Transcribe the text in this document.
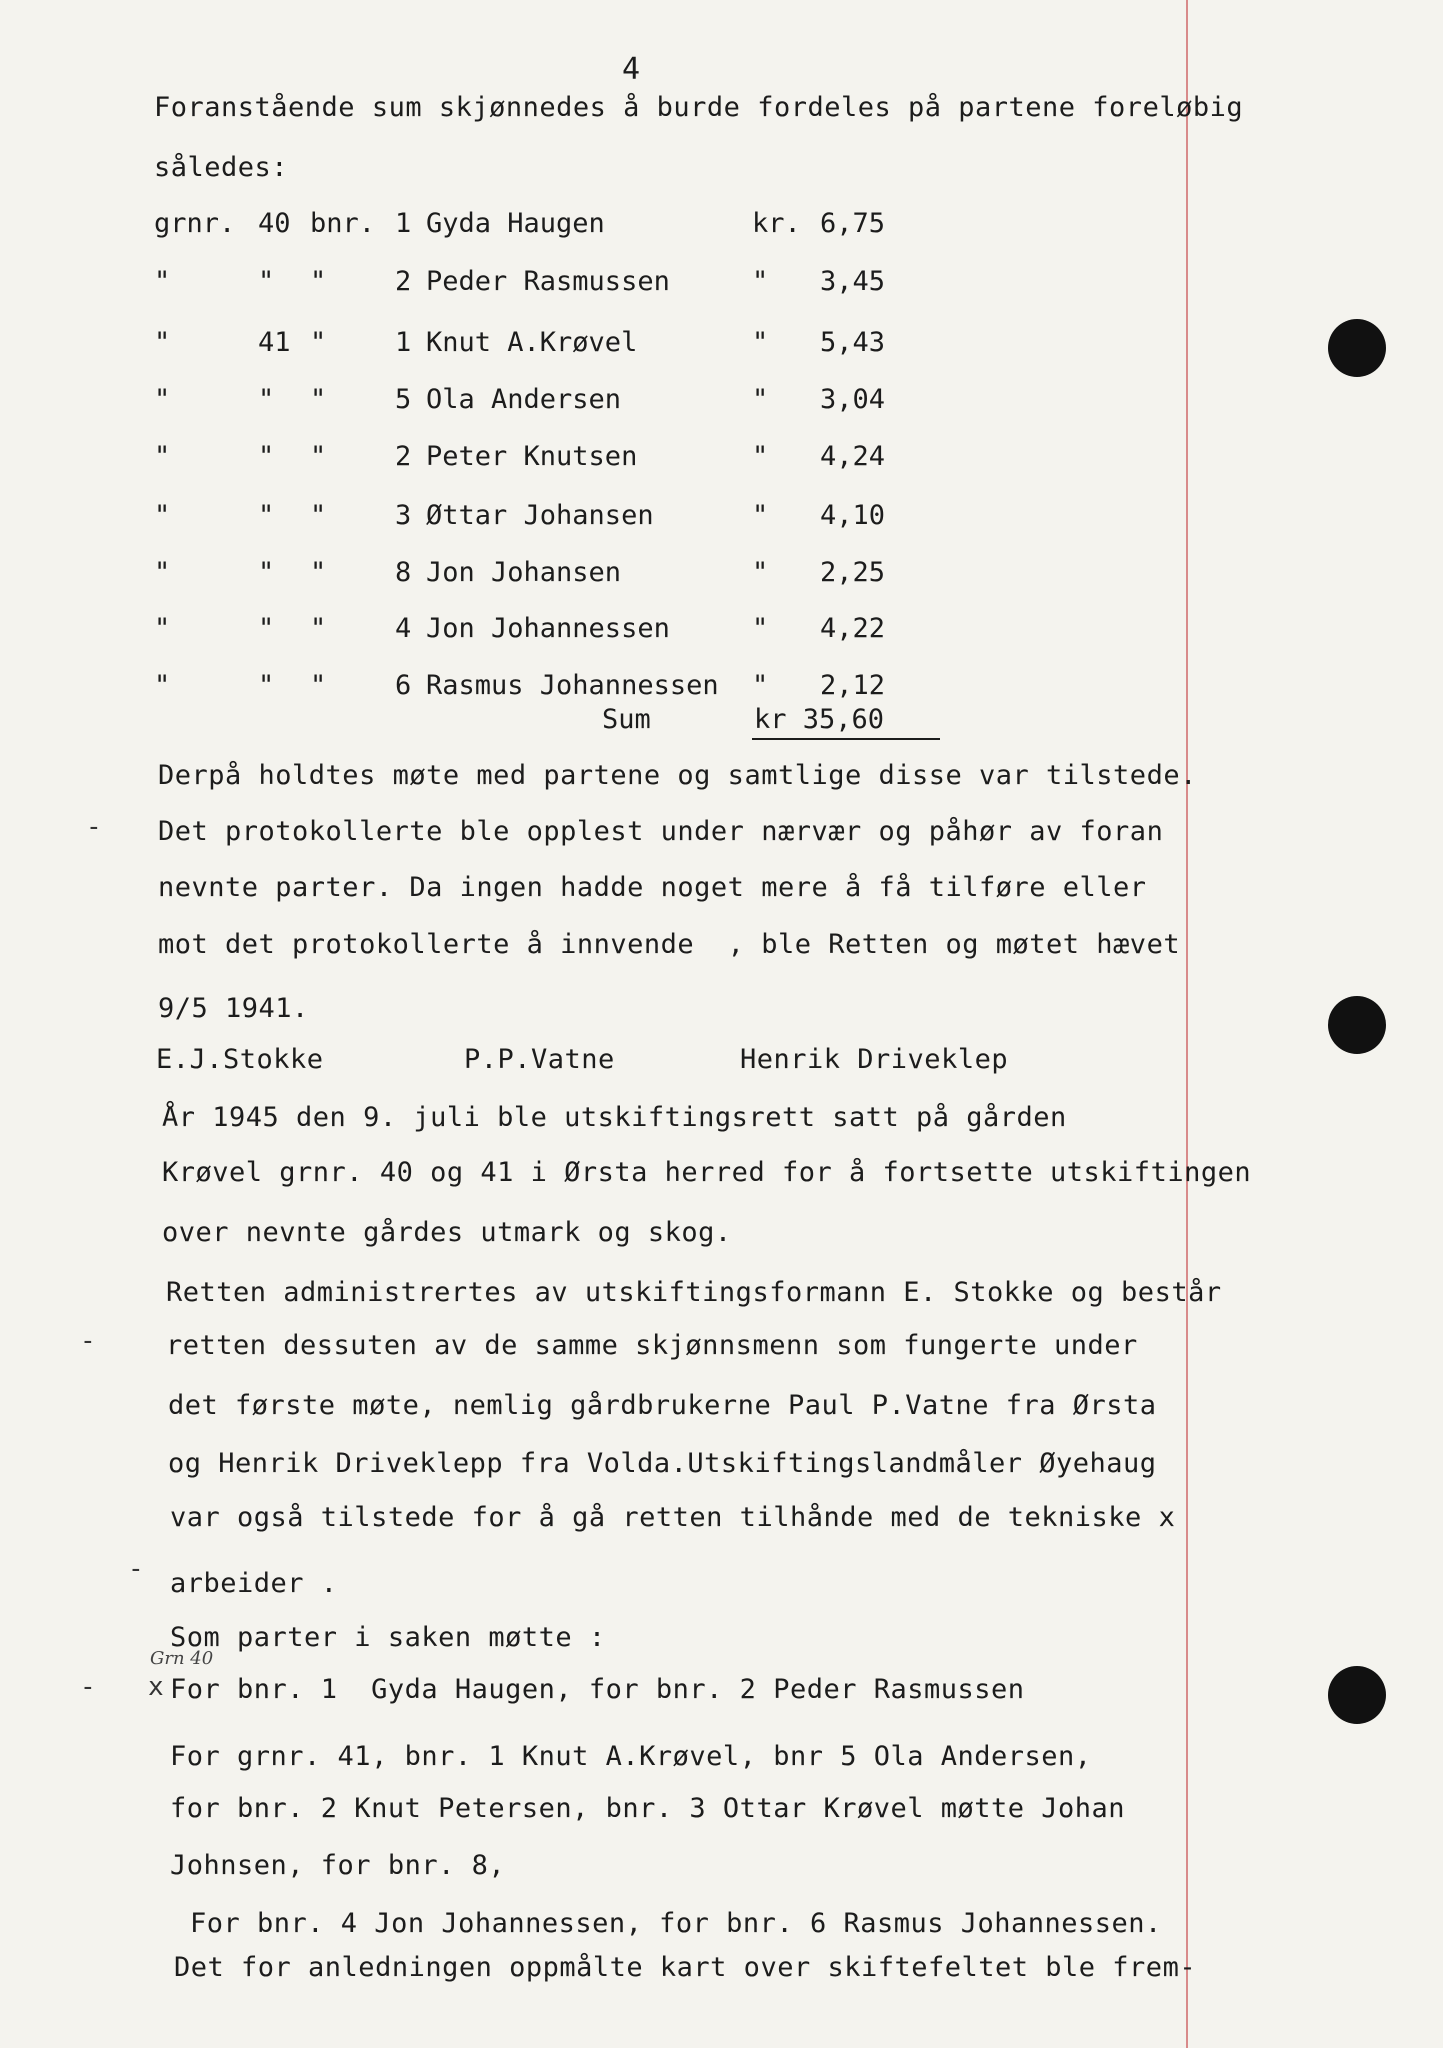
4
Foranstående sum skjønnedes å burde fordeles på partene foreløbig
således:
grnr. 40 bnr. 1 Gyda Haugen	kr. 6,75
"	" "	2 Peder Rasmussen	" 3,45
"	41 "	1 Knut A.Krøvel	" 5,43
"	" "	5 Ola Andersen	" 3,04
"	" "	2 Peter Knutsen	" 4,24
"	" "	3 Øttar Johansen	" 4,10
"	" "	8 Jon Johansen	" 2,25
"	" "	4 Jon Johannessen	" 4,22
"	" "	6 Rasmus Johannessen " 2,12
Sum	kr 35,60
Derpå holdtes møte med partene og samtlige disse var tilstede.
Det protokollerte ble opplest under nærvær og påhør av foran
nevnte parter. Da ingen hadde noget mere å få tilføre eller
mot det protokollerte å innvende  , ble Retten og møtet hævet
9/5 1941.
E.J.Stokke	P.P.Vatne	Henrik Driveklep
År 1945 den 9. juli ble utskiftingsrett satt på gården
Krøvel grnr. 40 og 41 i Ørsta herred for å fortsette utskiftingen
over nevnte gårdes utmark og skog.
Retten administrertes av utskiftingsformann E. Stokke og består
retten dessuten av de samme skjønnsmenn som fungerte under
det første møte, nemlig gårdbrukerne Paul P.Vatne fra Ørsta
og Henrik Driveklepp fra Volda.Utskiftingslandmåler Øyehaug
var også tilstede for å gå retten tilhånde med de tekniske x
arbeider .
Som parter i saken møtte :
For bnr. 1  Gyda Haugen, for bnr. 2 Peder Rasmussen
For grnr. 41, bnr. 1 Knut A.Krøvel, bnr 5 Ola Andersen,
for bnr. 2 Knut Petersen, bnr. 3 Ottar Krøvel møtte Johan
Johnsen, for bnr. 8,
For bnr. 4 Jon Johannessen, for bnr. 6 Rasmus Johannessen.
Det for anledningen oppmålte kart over skiftefeltet ble frem-
Grn 40
-
-
-
- x
